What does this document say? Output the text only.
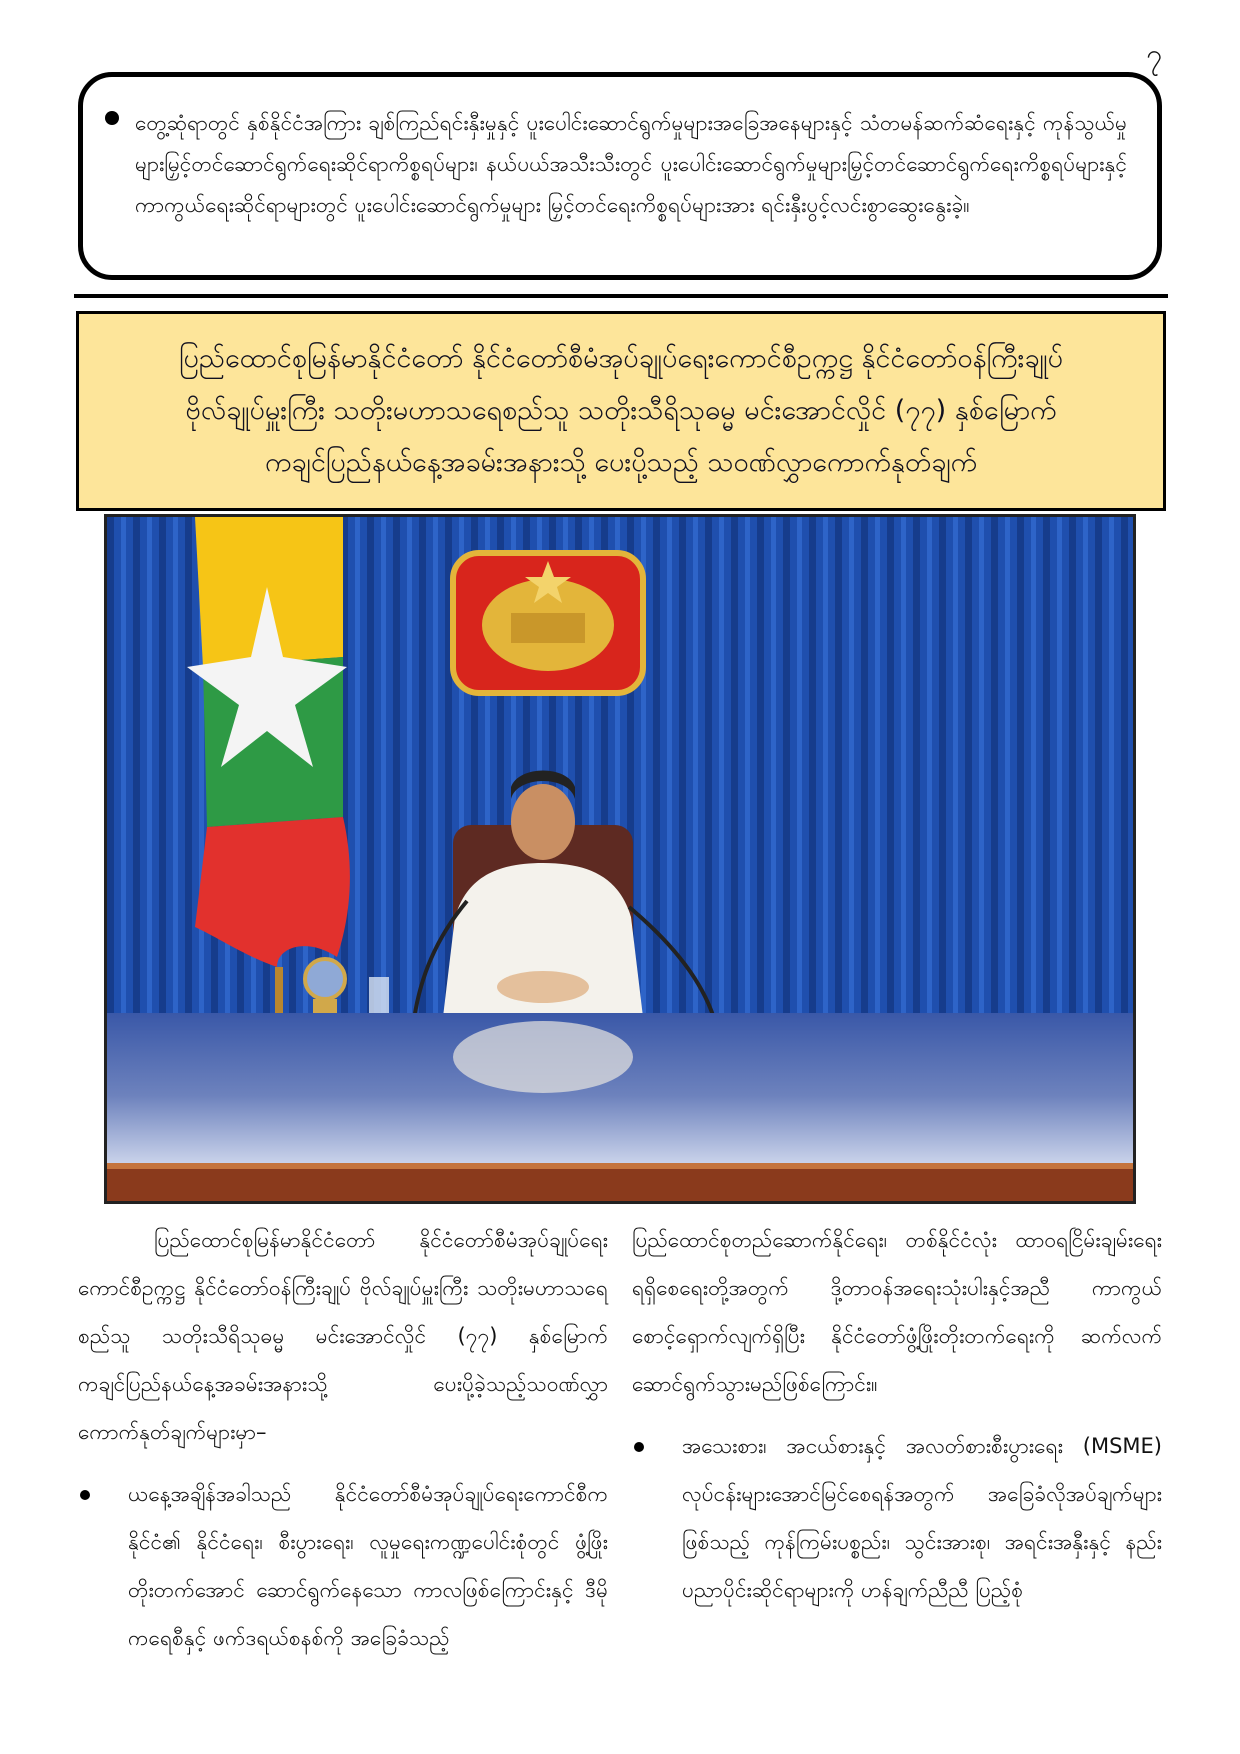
၇

တွေ့ဆုံရာတွင် နှစ်နိုင်ငံအကြား ချစ်ကြည်ရင်းနှီးမှုနှင့် ပူးပေါင်းဆောင်ရွက်မှုများအခြေအနေများနှင့် သံတမန်ဆက်ဆံရေးနှင့် ကုန်သွယ်မှုများမြှင့်တင်ဆောင်ရွက်ရေးဆိုင်ရာကိစ္စရပ်များ၊ နယ်ပယ်အသီးသီးတွင် ပူးပေါင်းဆောင်ရွက်မှုများမြှင့်တင်ဆောင်ရွက်ရေးကိစ္စရပ်များနှင့် ကာကွယ်ရေးဆိုင်ရာများတွင် ပူးပေါင်းဆောင်ရွက်မှုများ မြှင့်တင်ရေးကိစ္စရပ်များအား ရင်းနှီးပွင့်လင်းစွာဆွေးနွေးခဲ့။

ပြည်ထောင်စုမြန်မာနိုင်ငံတော် နိုင်ငံတော်စီမံအုပ်ချုပ်ရေးကောင်စီဥက္ကဋ္ဌ နိုင်ငံတော်ဝန်ကြီးချုပ်
ဗိုလ်ချုပ်မှူးကြီး သတိုးမဟာသရေစည်သူ သတိုးသီရိသုဓမ္မ မင်းအောင်လှိုင် (၇၇) နှစ်မြောက်
ကချင်ပြည်နယ်နေ့အခမ်းအနားသို့ ပေးပို့သည့် သဝဏ်လွှာကောက်နုတ်ချက်

ပြည်ထောင်စုမြန်မာနိုင်ငံတော် နိုင်ငံတော်စီမံအုပ်ချုပ်ရေးကောင်စီဥက္ကဋ္ဌ နိုင်ငံတော်ဝန်ကြီးချုပ် ဗိုလ်ချုပ်မှူးကြီး သတိုးမဟာသရေစည်သူ သတိုးသီရိသုဓမ္မ မင်းအောင်လှိုင် (၇၇) နှစ်မြောက်ကချင်ပြည်နယ်နေ့အခမ်းအနားသို့ ပေးပို့ခဲ့သည့်သဝဏ်လွှာကောက်နုတ်ချက်များမှာ–

ယနေ့အချိန်အခါသည် နိုင်ငံတော်စီမံအုပ်ချုပ်ရေးကောင်စီက နိုင်ငံ၏ နိုင်ငံရေး၊ စီးပွားရေး၊ လူမှုရေးကဏ္ဍပေါင်းစုံတွင် ဖွံ့ဖြိုးတိုးတက်အောင် ဆောင်ရွက်နေသော ကာလဖြစ်ကြောင်းနှင့် ဒီမိုကရေစီနှင့် ဖက်ဒရယ်စနစ်ကို အခြေခံသည့်

ပြည်ထောင်စုတည်ဆောက်နိုင်ရေး၊ တစ်နိုင်ငံလုံး ထာဝရငြိမ်းချမ်းရေးရရှိစေရေးတို့အတွက် ဒို့တာဝန်အရေးသုံးပါးနှင့်အညီ ကာကွယ်စောင့်ရှောက်လျက်ရှိပြီး နိုင်ငံတော်ဖွံ့ဖြိုးတိုးတက်ရေးကို ဆက်လက်ဆောင်ရွက်သွားမည်ဖြစ်ကြောင်း။

အသေးစား၊ အငယ်စားနှင့် အလတ်စားစီးပွားရေး (MSME) လုပ်ငန်းများအောင်မြင်စေရန်အတွက် အခြေခံလိုအပ်ချက်များဖြစ်သည့် ကုန်ကြမ်းပစ္စည်း၊ သွင်းအားစု၊ အရင်းအနှီးနှင့် နည်းပညာပိုင်းဆိုင်ရာများကို ဟန်ချက်ညီညီ ပြည့်စုံ
